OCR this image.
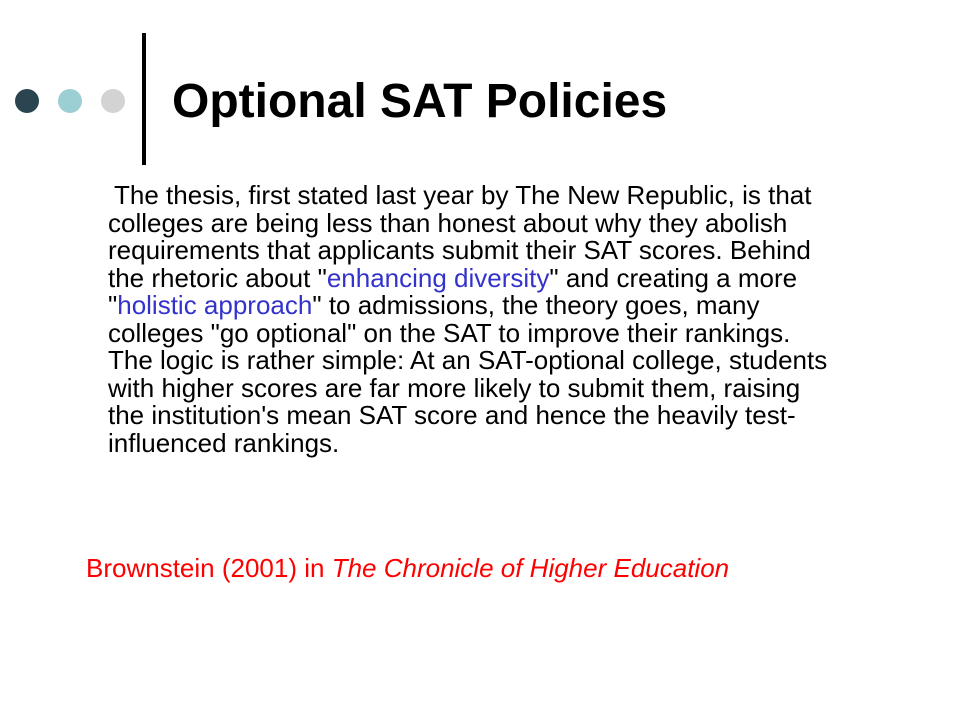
Optional SAT Policies

The thesis, first stated last year by The New Republic, is that colleges are being less than honest about why they abolish requirements that applicants submit their SAT scores. Behind the rhetoric about "enhancing diversity" and creating a more "holistic approach" to admissions, the theory goes, many colleges "go optional" on the SAT to improve their rankings. The logic is rather simple: At an SAT-optional college, students with higher scores are far more likely to submit them, raising the institution's mean SAT score and hence the heavily test-influenced rankings.

Brownstein (2001) in The Chronicle of Higher Education
